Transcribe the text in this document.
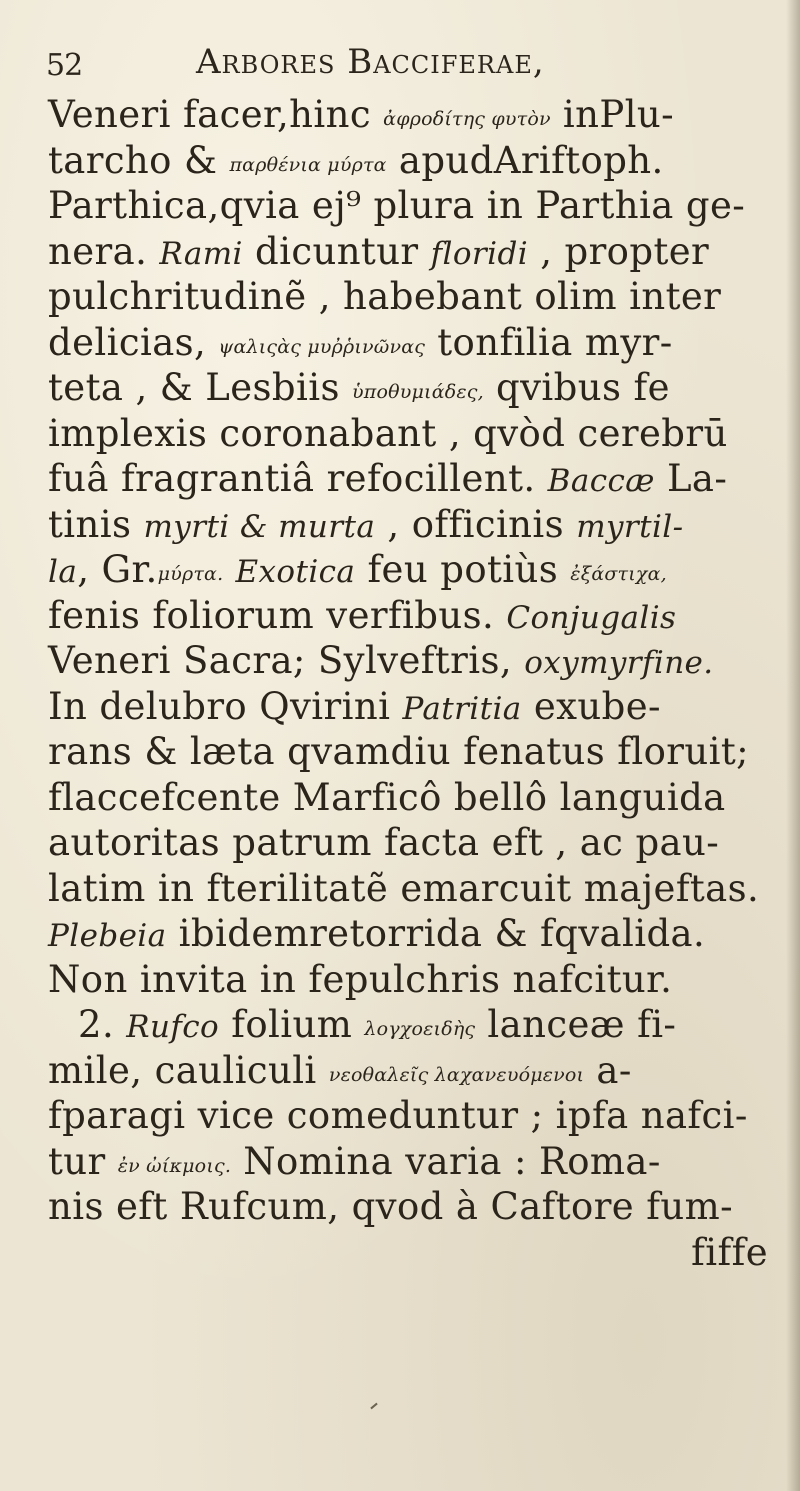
52	Arbores Bacciferae,
Veneri facer,hinc ἀφροδίτης φυτὸν inPlu-
tarcho & παρθένια μύρτα apudAriftoph.
Parthica,qvia ej⁹ plura in Parthia ge-
nera. Rami dicuntur floridi , propter
pulchritudinẽ , habebant olim inter
delicias, ψαλιςὰς μυῤῥινῶνας tonfilia myr-
teta , & Lesbiis ὑποθυμιάδες, qvibus fe
implexis coronabant , qvòd cerebrū
fuâ fragrantiâ refocillent. Baccæ La-
tinis myrti & murta , officinis myrtil-
la, Gr.μύρτα. Exotica feu potiùs ἐξάστιχα,
fenis foliorum verfibus. Conjugalis
Veneri Sacra; Sylveftris, oxymyrfine.
In delubro Qvirini Patritia exube-
rans & læta qvamdiu fenatus floruit;
flaccefcente Marficô bellô languida
autoritas patrum facta eft , ac pau-
latim in fterilitatẽ emarcuit majeftas.
Plebeia ibidemretorrida & fqvalida.
Non invita in fepulchris nafcitur.
2. Rufco folium λογχοειδὴς lanceæ fi-
mile, cauliculi νεοθαλεῖς λαχανευόμενοι a-
fparagi vice comeduntur ; ipfa nafci-
tur ἐν ὠίκμοις. Nomina varia : Roma-
nis eft Rufcum, qvod à Caftore fum-
fiffe
